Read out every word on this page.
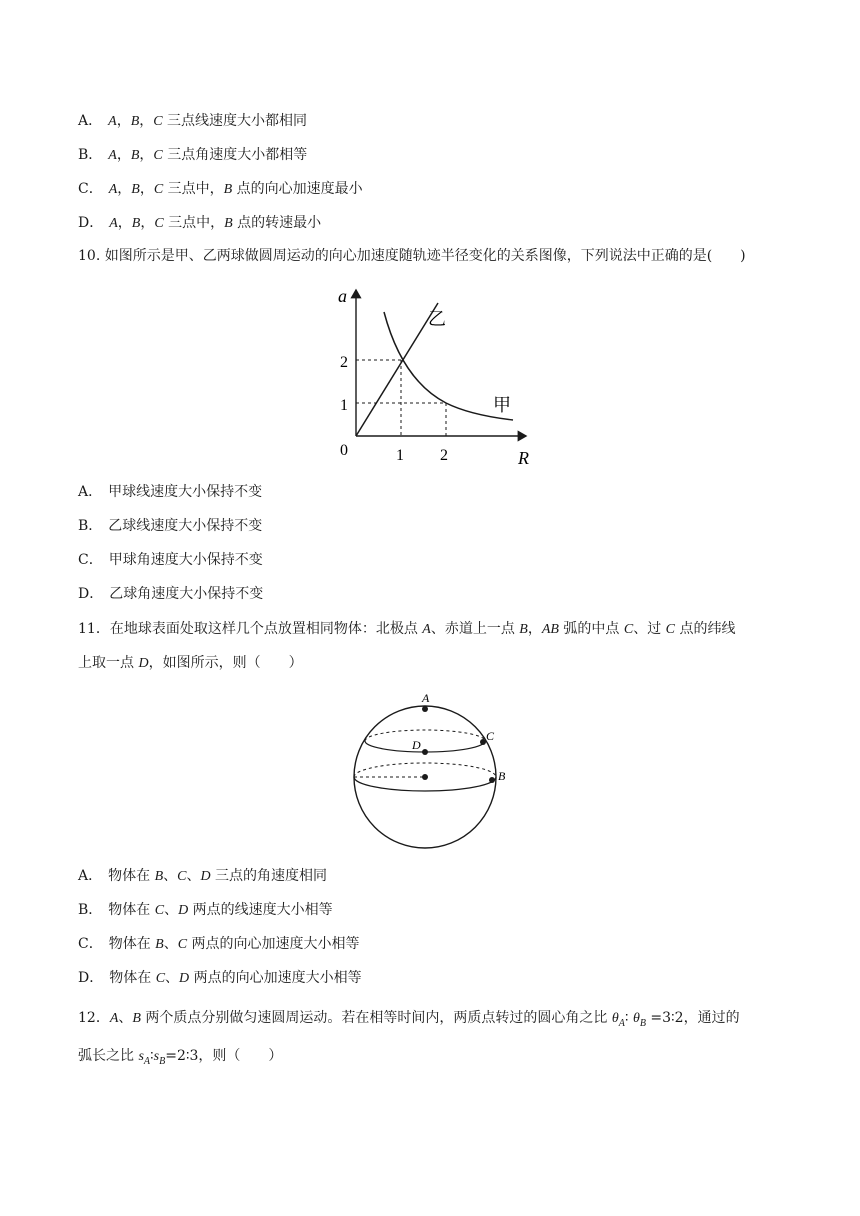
A． A，B，C 三点线速度大小都相同
B． A，B，C 三点角速度大小都相等
C． A，B，C 三点中，B 点的向心加速度最小
D． A，B，C 三点中，B 点的转速最小
10. 如图所示是甲、乙两球做圆周运动的向心加速度随轨迹半径变化的关系图像，下列说法中正确的是(　　)
a
R
0	1 2
2
1	甲
乙
A． 甲球线速度大小保持不变
B． 乙球线速度大小保持不变
C． 甲球角速度大小保持不变
D． 乙球角速度大小保持不变
11．在地球表面处取这样几个点放置相同物体：北极点 A、赤道上一点 B，AB 弧的中点 C、过 C 点的纬线
上取一点 D，如图所示，则（　　）
A
C
D
B
A． 物体在 B、C、D 三点的角速度相同
B． 物体在 C、D 两点的线速度大小相等
C． 物体在 B、C 两点的向心加速度大小相等
D． 物体在 C、D 两点的向心加速度大小相等
12．A、B 两个质点分别做匀速圆周运动。若在相等时间内，两质点转过的圆心角之比 $\theta_A∶$ $\theta_B$ =3∶2，通过的
弧长之比 $s_A∶s_B=2∶3$，则（　　）
